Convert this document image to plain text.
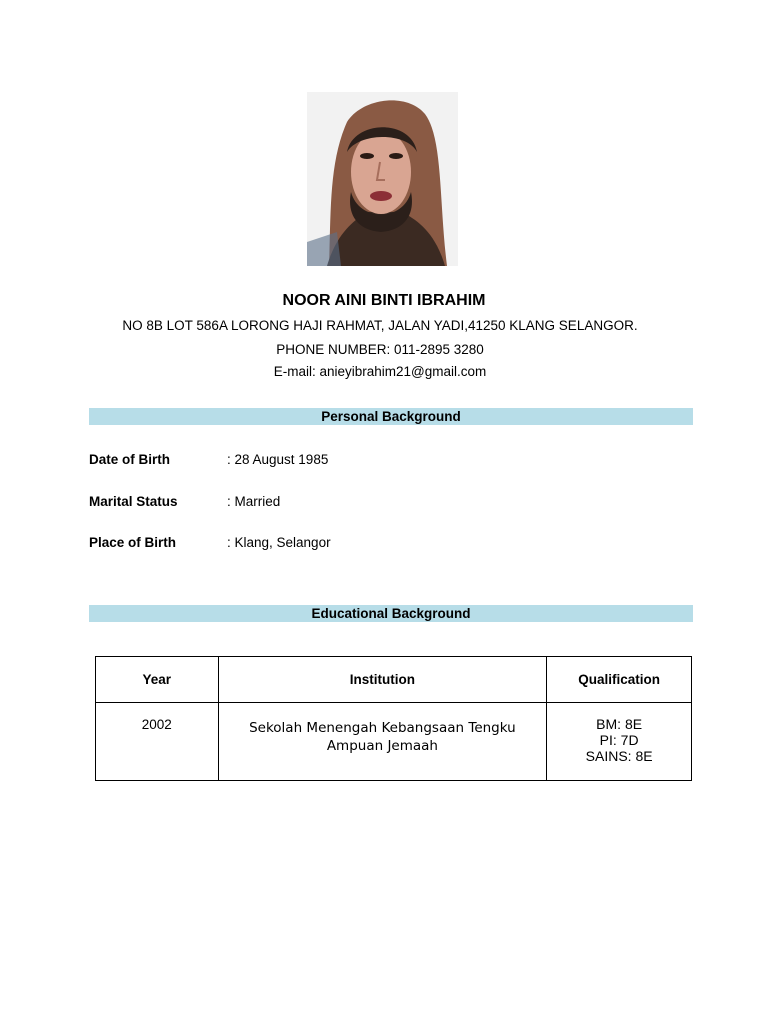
NOOR AINI BINTI IBRAHIM
NO 8B LOT 586A LORONG HAJI RAHMAT, JALAN YADI,41250 KLANG SELANGOR.
PHONE NUMBER: 011-2895 3280
E-mail: anieyibrahim21@gmail.com
Personal Background
Date of Birth	: 28 August 1985
Marital Status	: Married
Place of Birth	: Klang, Selangor
Educational Background
Year	Institution	Qualification

2002	Sekolah Menengah Kebangsaan Tengku Ampuan Jemaah	BM: 8E
PI: 7D
SAINS: 8E
